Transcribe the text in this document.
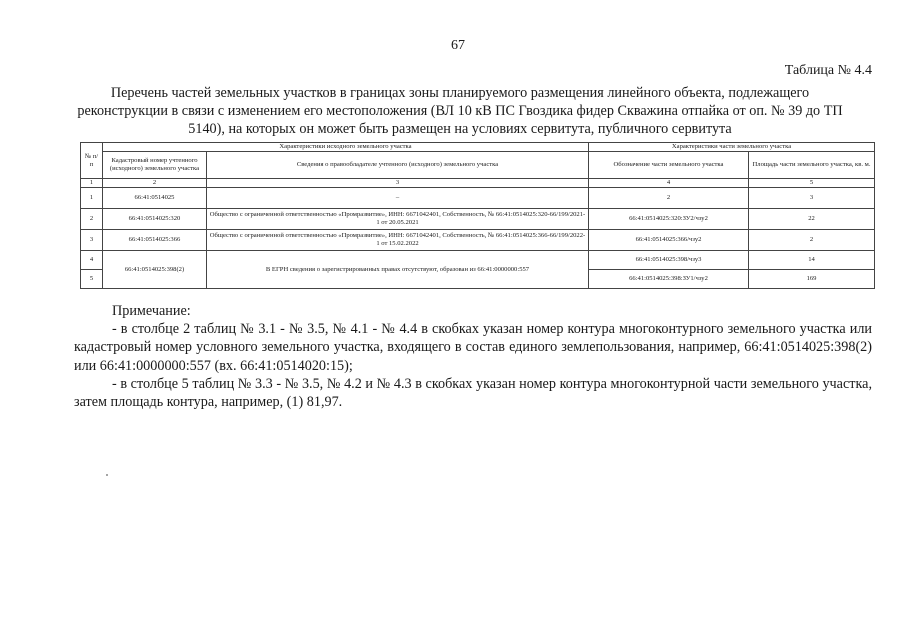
67
Таблица № 4.4
Перечень частей земельных участков в границах зоны планируемого размещения линейного объекта, подлежащего реконструкции в связи с изменением его местоположения (ВЛ 10 кВ ПС Гвоздика фидер Скважина отпайка от оп. № 39 до ТП 5140), на которых он может быть размещен на условиях сервитута, публичного сервитута
№ п/ п	Характеристики исходного земельного участка		Характеристики части земельного участка	
	Кадастровый номер учтенного (исходного) земельного участка	Сведения о правообладателе учтенного (исходного) земельного участка	Обозначение части земельного участка	Площадь части земельного участка, кв. м.
1	2	3	4	5
1	66:41:0514025	–	2	3
2	66:41:0514025:320	Общество с ограниченной ответственностью «Промразвитие», ИНН: 6671042401, Собственность, № 66:41:0514025:320-66/199/2021-1 от 20.05.2021	66:41:0514025:320:ЗУ2/чзу2	22
3	66:41:0514025:366	Общество с ограниченной ответственностью «Промразвитие», ИНН: 6671042401, Собственность, № 66:41:0514025:366-66/199/2022-1 от 15.02.2022	66:41:0514025:366/чзу2	2
4	66:41:0514025:398(2)	В ЕГРН сведения о зарегистрированных правах отсутствуют, образован из 66:41:0000000:557	66:41:0514025:398/чзу3	14
5			66:41:0514025:398:ЗУ1/чзу2	169

Примечание:

- в столбце 2 таблиц № 3.1 - № 3.5, № 4.1 - № 4.4 в скобках указан номер контура многоконтурного земельного участка или кадастровый номер условного земельного участка, входящего в состав единого землепользования, например, 66:41:0514025:398(2) или 66:41:0000000:557 (вх. 66:41:0514020:15);

- в столбце 5 таблиц № 3.3 - № 3.5, № 4.2 и № 4.3 в скобках указан номер контура многоконтурной части земельного участка, затем площадь контура, например, (1) 81,97.
